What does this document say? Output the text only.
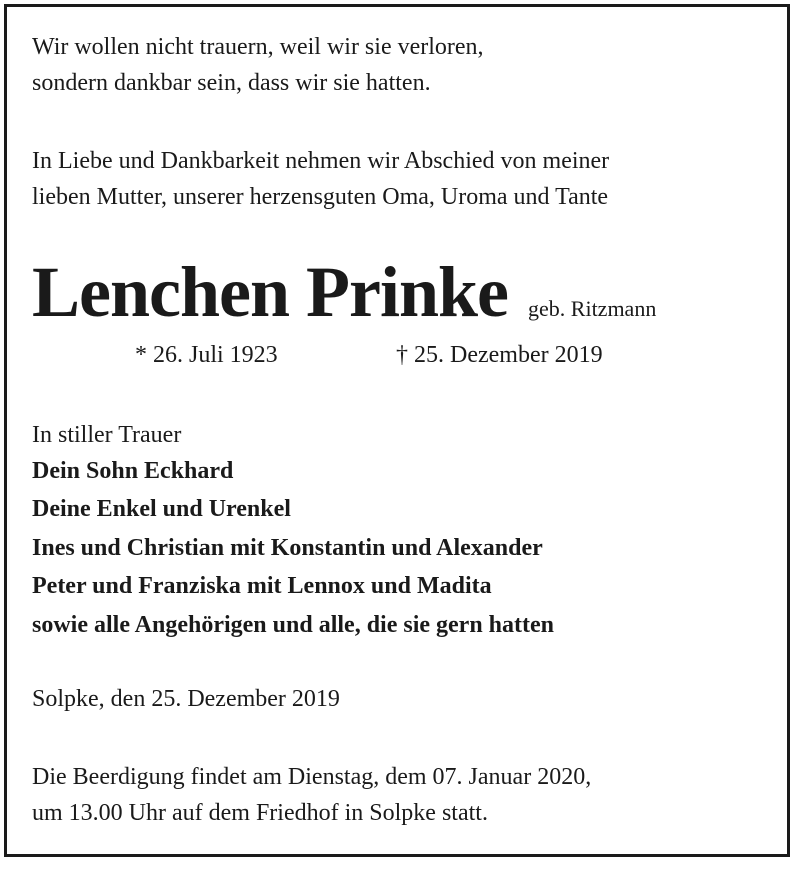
Wir wollen nicht trauern, weil wir sie verloren,
sondern dankbar sein, dass wir sie hatten.
In Liebe und Dankbarkeit nehmen wir Abschied von meiner
lieben Mutter, unserer herzensguten Oma, Uroma und Tante
Lenchen Prinke geb. Ritzmann
* 26. Juli 1923	† 25. Dezember 2019
In stiller Trauer
Dein Sohn Eckhard
Deine Enkel und Urenkel
Ines und Christian mit Konstantin und Alexander
Peter und Franziska mit Lennox und Madita
sowie alle Angehörigen und alle, die sie gern hatten
Solpke, den 25. Dezember 2019
Die Beerdigung findet am Dienstag, dem 07. Januar 2020,
um 13.00 Uhr auf dem Friedhof in Solpke statt.
